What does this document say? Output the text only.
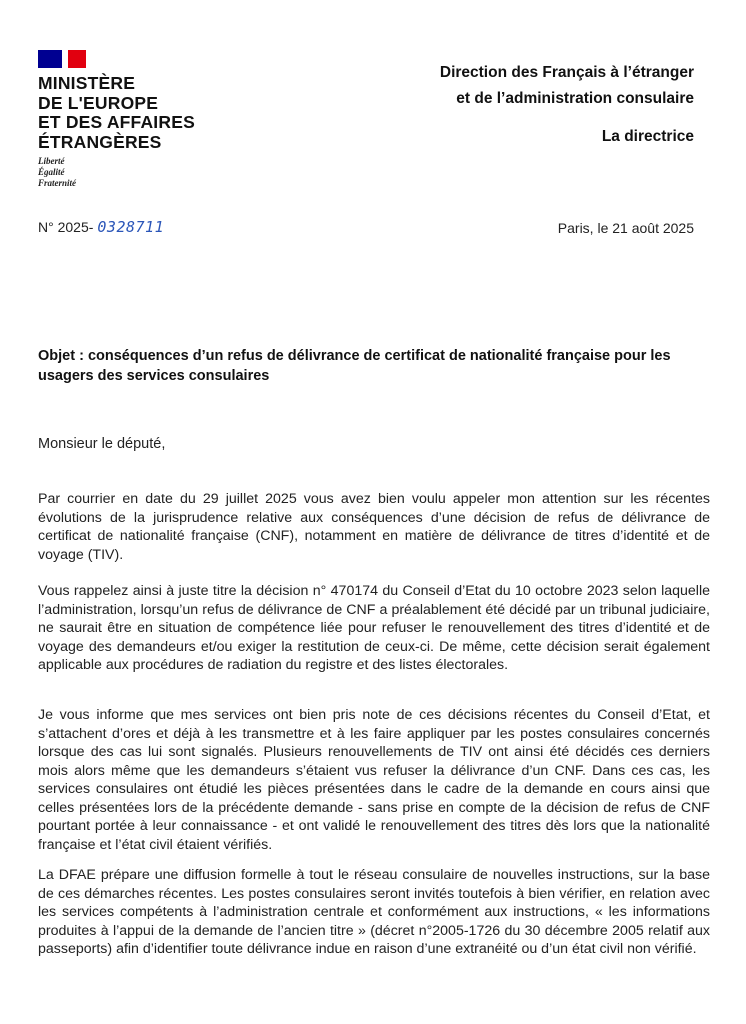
MINISTÈRE
DE L'EUROPE
ET DES AFFAIRES
ÉTRANGÈRES
Liberté
Égalité
Fraternité
Direction des Français à l’étranger
et de l’administration consulaire
La directrice
N° 2025- 0328711	Paris, le 21 août 2025
Objet : conséquences d’un refus de délivrance de certificat de nationalité française pour les usagers des services consulaires
Monsieur le député,
Par courrier en date du 29 juillet 2025 vous avez bien voulu appeler mon attention sur les récentes évolutions de la jurisprudence relative aux conséquences d’une décision de refus de délivrance de certificat de nationalité française (CNF), notamment en matière de délivrance de titres d’identité et de voyage (TIV).
Vous rappelez ainsi à juste titre la décision n° 470174 du Conseil d’Etat du 10 octobre 2023 selon laquelle l’administration, lorsqu’un refus de délivrance de CNF a préalablement été décidé par un tribunal judiciaire, ne saurait être en situation de compétence liée pour refuser le renouvellement des titres d’identité et de voyage des demandeurs et/ou exiger la restitution de ceux-ci. De même, cette décision serait également applicable aux procédures de radiation du registre et des listes électorales.
Je vous informe que mes services ont bien pris note de ces décisions récentes du Conseil d’Etat, et s’attachent d’ores et déjà à les transmettre et à les faire appliquer par les postes consulaires concernés lorsque des cas lui sont signalés. Plusieurs renouvellements de TIV ont ainsi été décidés ces derniers mois alors même que les demandeurs s’étaient vus refuser la délivrance d’un CNF. Dans ces cas, les services consulaires ont étudié les pièces présentées dans le cadre de la demande en cours ainsi que celles présentées lors de la précédente demande - sans prise en compte de la décision de refus de CNF pourtant portée à leur connaissance - et ont validé le renouvellement des titres dès lors que la nationalité française et l’état civil étaient vérifiés.
La DFAE prépare une diffusion formelle à tout le réseau consulaire de nouvelles instructions, sur la base de ces démarches récentes. Les postes consulaires seront invités toutefois à bien vérifier, en relation avec les services compétents à l’administration centrale et conformément aux instructions, « les informations produites à l’appui de la demande de l’ancien titre » (décret n°2005-1726 du 30 décembre 2005 relatif aux passeports) afin d’identifier toute délivrance indue en raison d’une extranéité ou d’un état civil non vérifié.
